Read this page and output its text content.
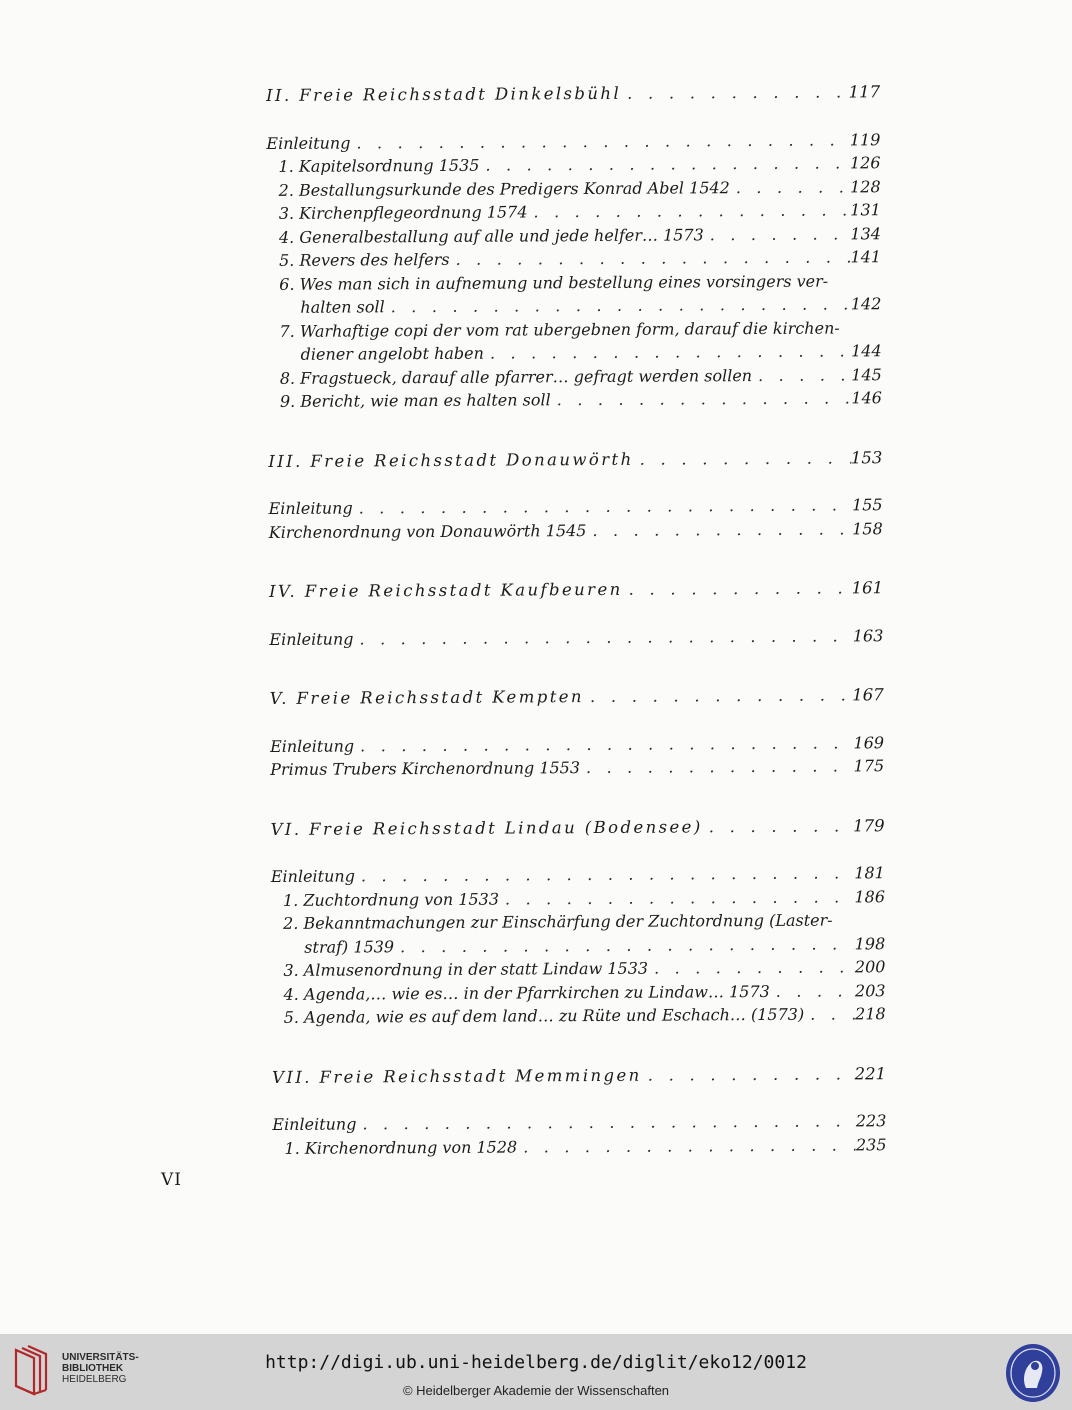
II. Freie Reichsstadt Dinkelsbühl . . .	117
Einleitung . . .	119
1. Kapitelsordnung 1535 . . .	126
2. Bestallungsurkunde des Predigers Konrad Abel 1542 . . .	128
3. Kirchenpflegeordnung 1574 . . .	131
4. Generalbestallung auf alle und jede helfer… 1573 . . .	134
5. Revers des helfers . . .	141
6. Wes man sich in aufnemung und bestellung eines vorsingers ver-
halten soll . . .	142
7. Warhaftige copi der vom rat ubergebnen form, darauf die kirchen-
diener angelobt haben . . .	144
8. Fragstueck, darauf alle pfarrer… gefragt werden sollen . . .	145
9. Bericht, wie man es halten soll . . .	146
III. Freie Reichsstadt Donauwörth . . .	153
Einleitung . . .	155
Kirchenordnung von Donauwörth 1545 . . .	158
IV. Freie Reichsstadt Kaufbeuren . . .	161
Einleitung . . .	163
V. Freie Reichsstadt Kempten . . .	167
Einleitung . . .	169
Primus Trubers Kirchenordnung 1553 . . .	175
VI. Freie Reichsstadt Lindau (Bodensee) . . .	179
Einleitung . . .	181
1. Zuchtordnung von 1533 . . .	186
2. Bekanntmachungen zur Einschärfung der Zuchtordnung (Laster-
straf) 1539 . . .	198
3. Almusenordnung in der statt Lindaw 1533 . . .	200
4. Agenda,… wie es… in der Pfarrkirchen zu Lindaw… 1573 . . .	203
5. Agenda, wie es auf dem land… zu Rüte und Eschach… (1573) . . .	218
VII. Freie Reichsstadt Memmingen . . .	221
Einleitung . . .	223
1. Kirchenordnung von 1528 . . .	235
VI
UNIVERSITÄTS-
BIBLIOTHEK
HEIDELBERG
http://digi.ub.uni-heidelberg.de/diglit/eko12/0012
© Heidelberger Akademie der Wissenschaften
